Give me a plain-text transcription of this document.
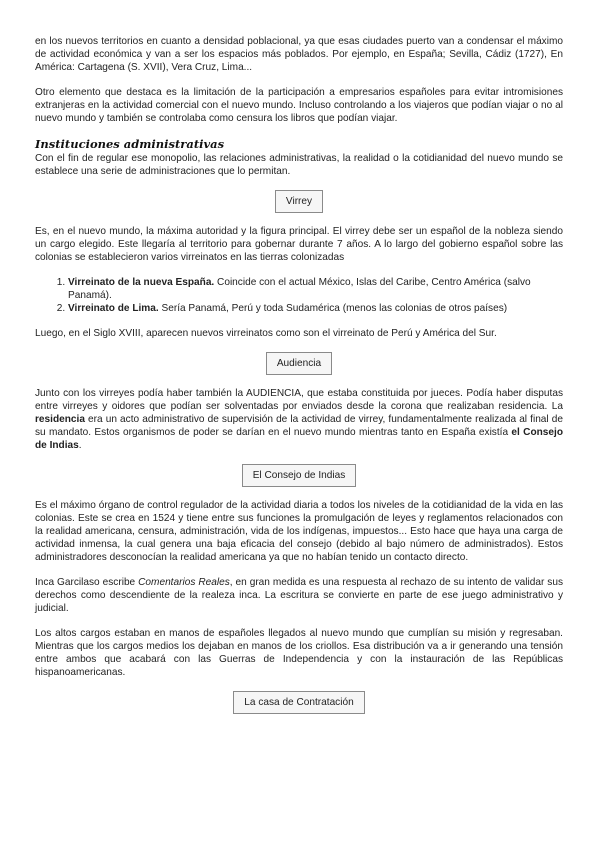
en los nuevos territorios en cuanto a densidad poblacional, ya que esas ciudades puerto van a condensar el máximo de actividad económica y van a ser los espacios más poblados. Por ejemplo, en España; Sevilla, Cádiz (1727), En América: Cartagena (S. XVII), Vera Cruz, Lima...

Otro elemento que destaca es la limitación de la participación a empresarios españoles para evitar intromisiones extranjeras en la actividad comercial con el nuevo mundo. Incluso controlando a los viajeros que podían viajar o no al nuevo mundo y también se controlaba como censura los libros que podían viajar.

Instituciones administrativas

Con el fin de regular ese monopolio, las relaciones administrativas, la realidad o la cotidianidad del nuevo mundo se establece una serie de administraciones que lo permitan.

Virrey

Es, en el nuevo mundo, la máxima autoridad y la figura principal. El virrey debe ser un español de la nobleza siendo un cargo elegido. Este llegaría al territorio para gobernar durante 7 años. A lo largo del gobierno español sobre las colonias se establecieron varios virreinatos en las tierras colonizadas

1. Virreinato de la nueva España. Coincide con el actual México, Islas del Caribe, Centro América (salvo Panamá).
2. Virreinato de Lima. Sería Panamá, Perú y toda Sudamérica (menos las colonias de otros países)

Luego, en el Siglo XVIII, aparecen nuevos virreinatos como son el virreinato de Perú y América del Sur.

Audiencia

Junto con los virreyes podía haber también la AUDIENCIA, que estaba constituida por jueces. Podía haber disputas entre virreyes y oidores que podían ser solventadas por enviados desde la corona que realizaban residencia. La residencia era un acto administrativo de supervisión de la actividad de virrey, fundamentalmente realizada al final de su mandato. Estos organismos de poder se darían en el nuevo mundo mientras tanto en España existía el Consejo de Indias.

El Consejo de Indias

Es el máximo órgano de control regulador de la actividad diaria a todos los niveles de la cotidianidad de la vida en las colonias. Este se crea en 1524 y tiene entre sus funciones la promulgación de leyes y reglamentos relacionados con la realidad americana, censura, administración, vida de los indígenas, impuestos... Esto hace que haya una carga de actividad inmensa, la cual genera una baja eficacia del consejo (debido al bajo número de administrados). Estos administradores desconocían la realidad americana ya que no habían tenido un contacto directo.

Inca Garcilaso escribe Comentarios Reales, en gran medida es una respuesta al rechazo de su intento de validar sus derechos como descendiente de la realeza inca. La escritura se convierte en parte de ese juego administrativo y judicial.

Los altos cargos estaban en manos de españoles llegados al nuevo mundo que cumplían su misión y regresaban. Mientras que los cargos medios los dejaban en manos de los criollos. Esa distribución va a ir generando una tensión entre ambos que acabará con las Guerras de Independencia y con la instauración de las Repúblicas hispanoamericanas.

La casa de Contratación
